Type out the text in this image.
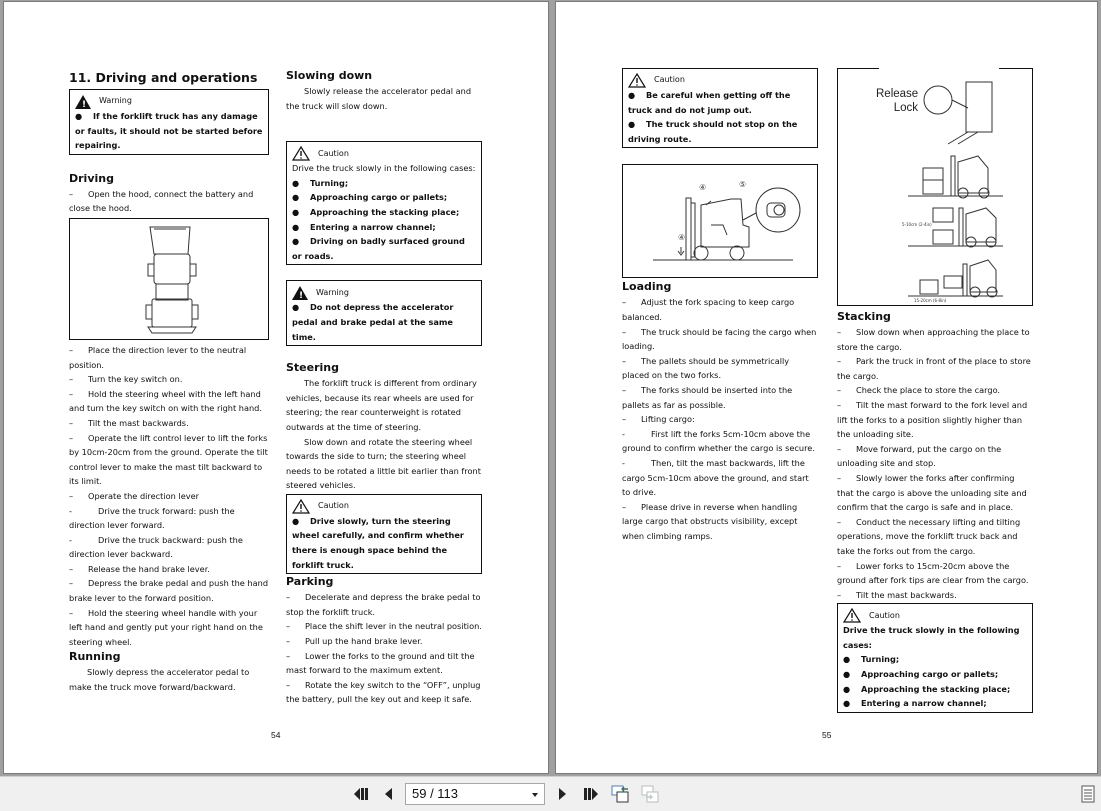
11. Driving and operations
! Warning

● If the forklift truck has any damage or faults, it should not be started before repairing.

Driving

– Open the hood, connect the battery and close the hood.

– Place the direction lever to the neutral position.

– Turn the key switch on.

– Hold the steering wheel with the left hand and turn the key switch on with the right hand.

– Tilt the mast backwards.

– Operate the lift control lever to lift the forks by 10cm-20cm from the ground. Operate the tilt control lever to make the mast tilt backward to its limit.

– Operate the direction lever

-	Drive the truck forward: push the direction lever forward.

-	Drive the truck backward: push the direction lever backward.

– Release the hand brake lever.

– Depress the brake pedal and push the hand brake lever to the forward position.

– Hold the steering wheel handle with your left hand and gently put your right hand on the steering wheel.

Running

Slowly depress the accelerator pedal to make the truck move forward/backward.

Slowing down

Slowly release the accelerator pedal and the truck will slow down.

Caution

Drive the truck slowly in the following cases:

● Turning;

● Approaching cargo or pallets;

● Approaching the stacking place;

● Entering a narrow channel;

● Driving on badly surfaced ground or roads.

! Warning

● Do not depress the accelerator pedal and brake pedal at the same time.

Steering

The forklift truck is different from ordinary vehicles, because its rear wheels are used for steering; the rear counterweight is rotated outwards at the time of steering.

Slow down and rotate the steering wheel towards the side to turn; the steering wheel needs to be rotated a little bit earlier than front steered vehicles.

Caution

● Drive slowly, turn the steering wheel carefully, and confirm whether there is enough space behind the forklift truck.

Parking

– Decelerate and depress the brake pedal to stop the forklift truck.

– Place the shift lever in the neutral position.

– Pull up the hand brake lever.

– Lower the forks to the ground and tilt the mast forward to the maximum extent.

– Rotate the key switch to the “OFF”, unplug the battery, pull the key out and keep it safe.

54
Caution

● Be careful when getting off the truck and do not jump out.

● The truck should not stop on the driving route.

④	⑤
④
Loading

– Adjust the fork spacing to keep cargo balanced.

– The truck should be facing the cargo when loading.

– The pallets should be symmetrically placed on the two forks.

– The forks should be inserted into the pallets as far as possible.

– Lifting cargo:

-	First lift the forks 5cm-10cm above the ground to confirm whether the cargo is secure.

-	Then, tilt the mast backwards, lift the cargo 5cm-10cm above the ground, and start to drive.

– Please drive in reverse when handling large cargo that obstructs visibility, except when climbing ramps.

Release
Lock
5-10cm (2-4in)
15-20cm (6-8in)
Stacking

– Slow down when approaching the place to store the cargo.

– Park the truck in front of the place to store the cargo.

– Check the place to store the cargo.

– Tilt the mast forward to the fork level and lift the forks to a position slightly higher than the unloading site.

– Move forward, put the cargo on the unloading site and stop.

– Slowly lower the forks after confirming that the cargo is above the unloading site and confirm that the cargo is safe and in place.

– Conduct the necessary lifting and tilting operations, move the forklift truck back and take the forks out from the cargo.

– Lower forks to 15cm-20cm above the ground after fork tips are clear from the cargo.

– Tilt the mast backwards.

Caution

Drive the truck slowly in the following cases:

● Turning;

● Approaching cargo or pallets;

● Approaching the stacking place;

● Entering a narrow channel;

55
59 / 113
